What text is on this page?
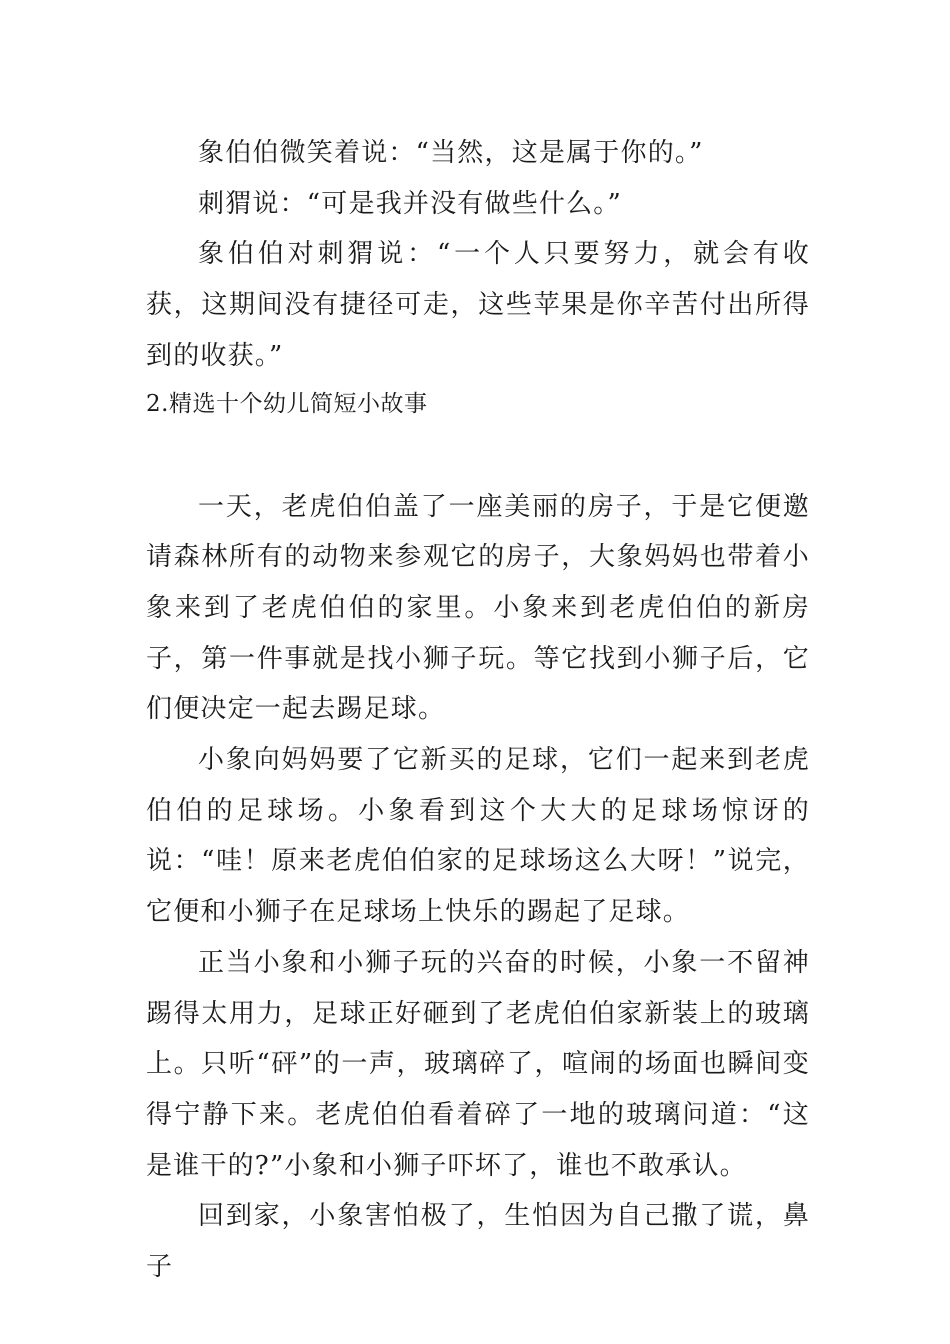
象伯伯微笑着说：“当然，这是属于你的。”

刺猬说：“可是我并没有做些什么。”

象伯伯对刺猬说：“一个人只要努力，就会有收获，这期间没有捷径可走，这些苹果是你辛苦付出所得到的收获。”

2.精选十个幼儿简短小故事

一天，老虎伯伯盖了一座美丽的房子，于是它便邀请森林所有的动物来参观它的房子，大象妈妈也带着小象来到了老虎伯伯的家里。小象来到老虎伯伯的新房子，第一件事就是找小狮子玩。等它找到小狮子后，它们便决定一起去踢足球。

小象向妈妈要了它新买的足球，它们一起来到老虎伯伯的足球场。小象看到这个大大的足球场惊讶的说：“哇！原来老虎伯伯家的足球场这么大呀！”说完，它便和小狮子在足球场上快乐的踢起了足球。

正当小象和小狮子玩的兴奋的时候，小象一不留神踢得太用力，足球正好砸到了老虎伯伯家新装上的玻璃上。只听“砰”的一声，玻璃碎了，喧闹的场面也瞬间变得宁静下来。老虎伯伯看着碎了一地的玻璃问道：“这是谁干的?”小象和小狮子吓坏了，谁也不敢承认。

回到家，小象害怕极了，生怕因为自己撒了谎，鼻子
